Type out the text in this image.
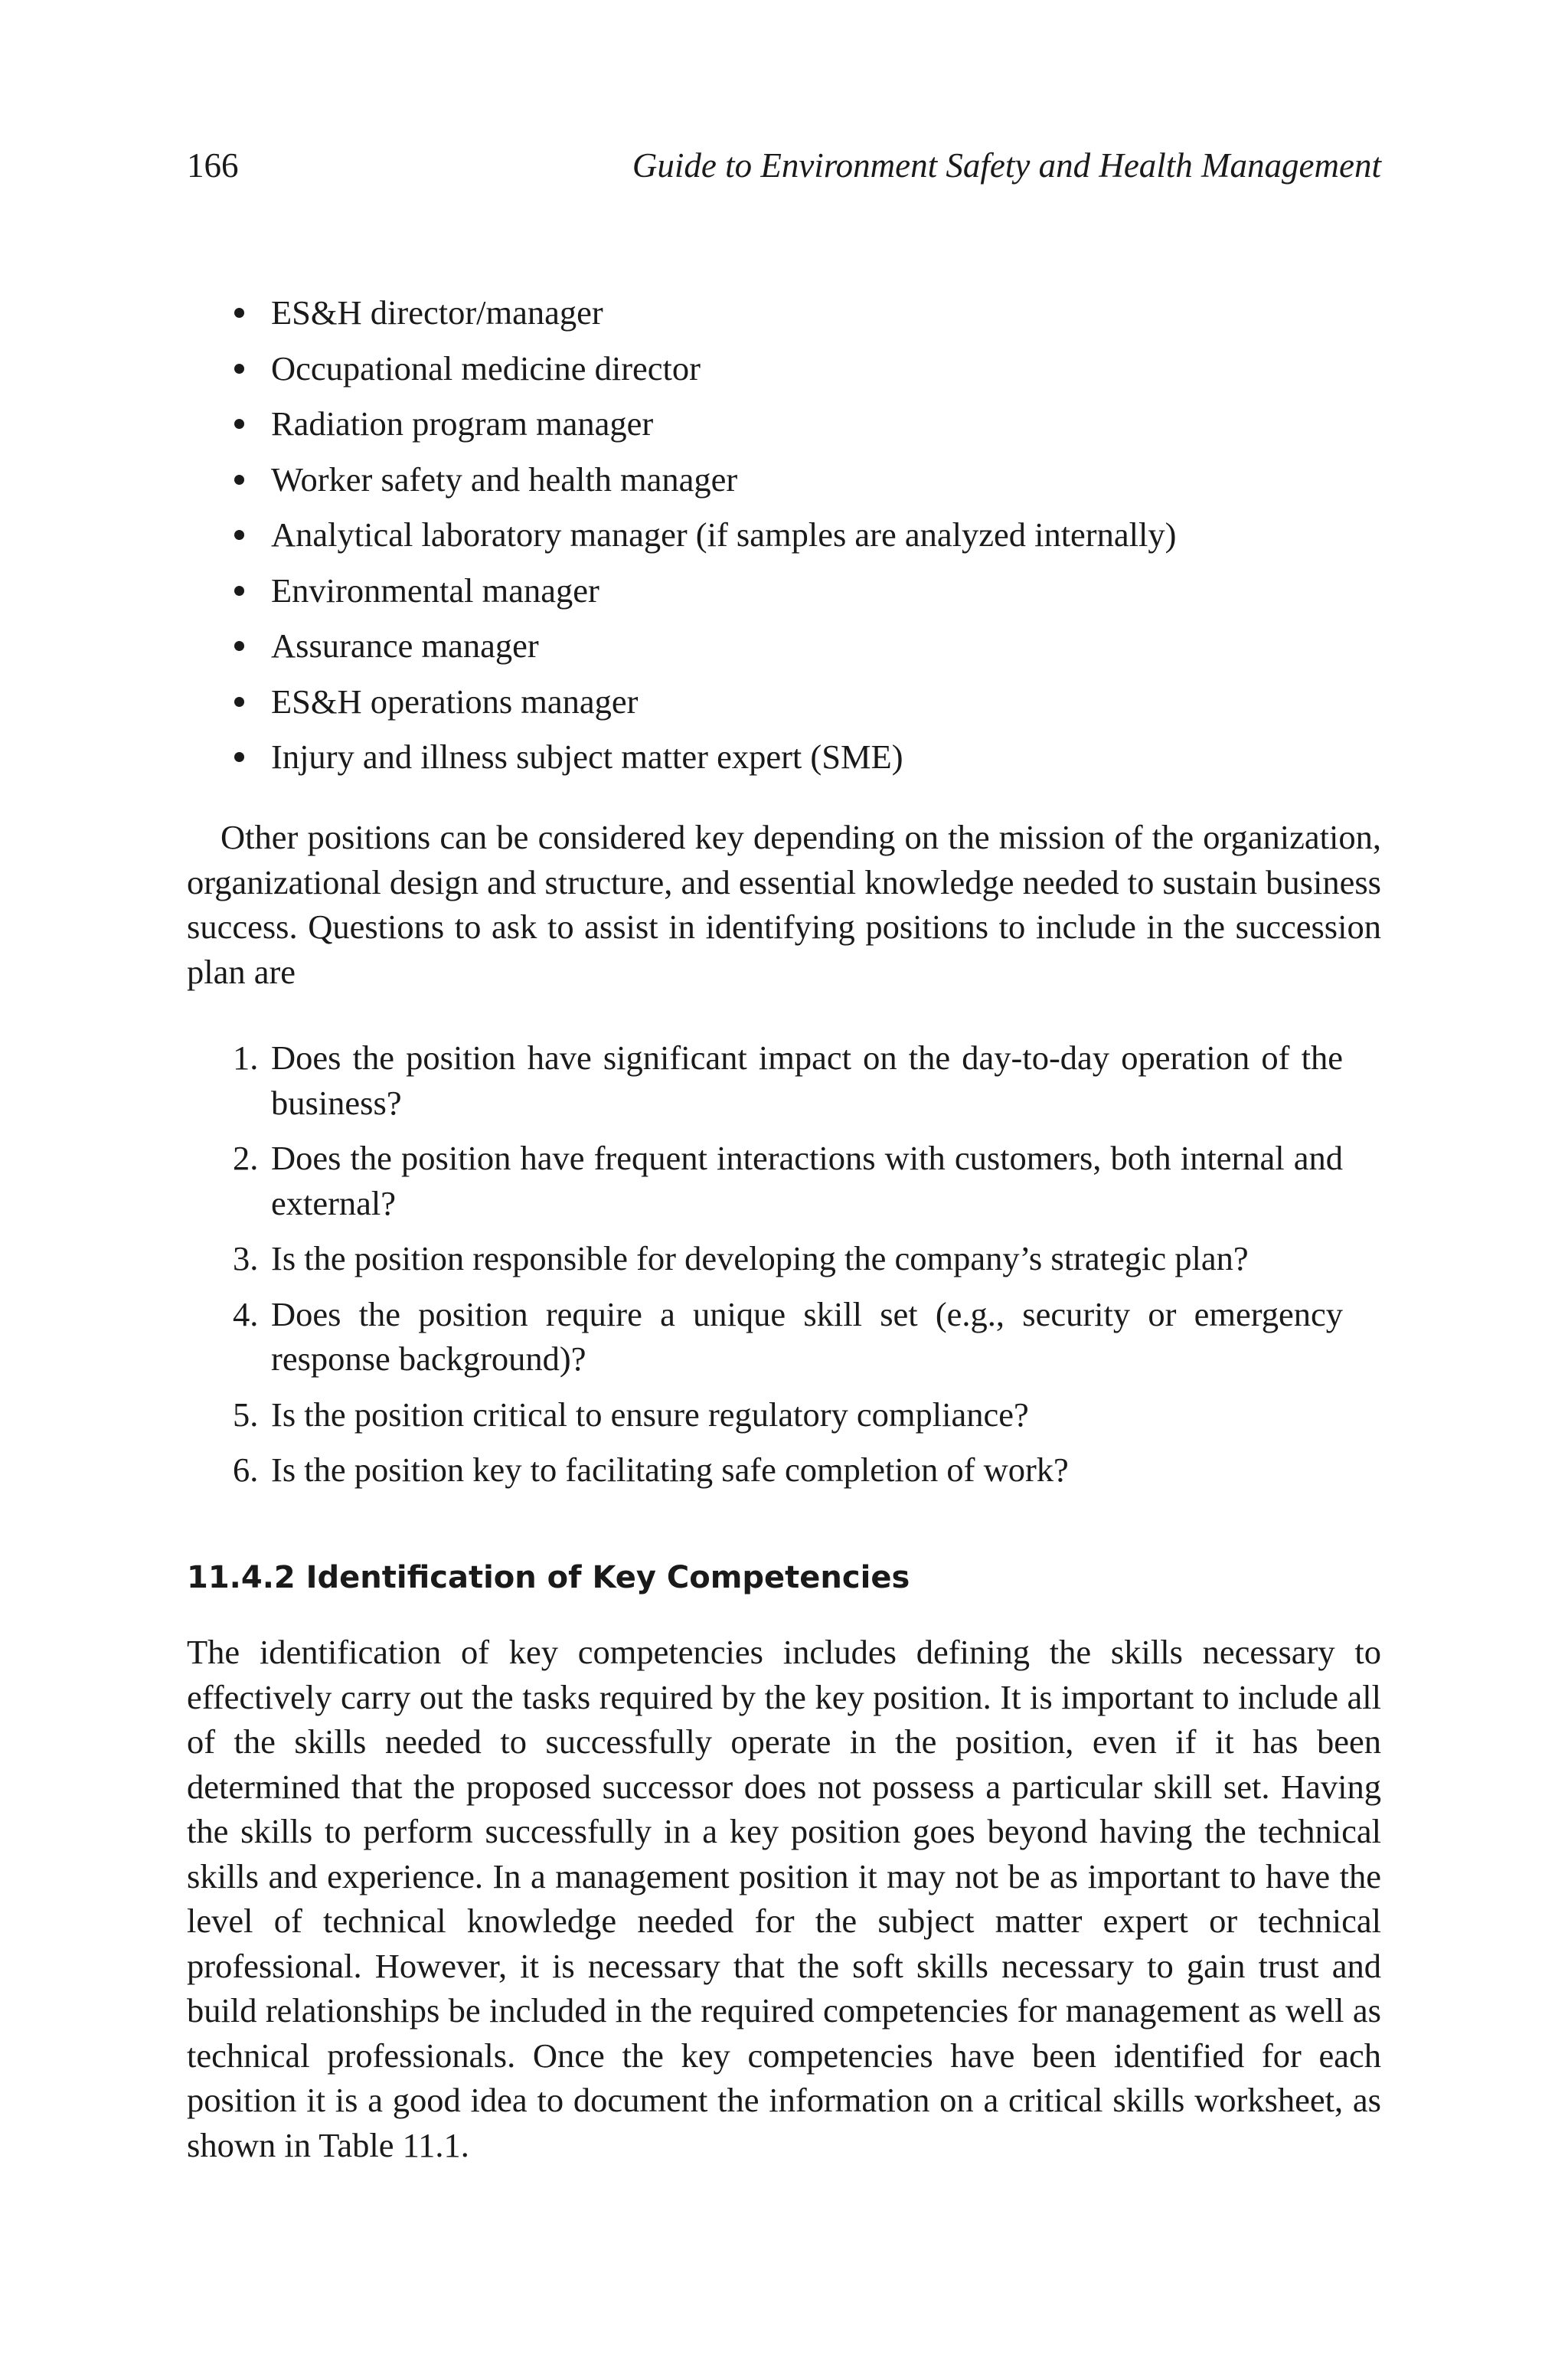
166	Guide to Environment Safety and Health Management
ES&H director/manager
Occupational medicine director
Radiation program manager
Worker safety and health manager
Analytical laboratory manager (if samples are analyzed internally)
Environmental manager
Assurance manager
ES&H operations manager
Injury and illness subject matter expert (SME)

Other positions can be considered key depending on the mission of the organization, organizational design and structure, and essential knowledge needed to sustain business success. Questions to ask to assist in identifying positions to include in the succession plan are

1. Does the position have significant impact on the day-to-day operation of the business?
2. Does the position have frequent interactions with customers, both internal and external?
3. Is the position responsible for developing the company’s strategic plan?
4. Does the position require a unique skill set (e.g., security or emergency response background)?
5. Is the position critical to ensure regulatory compliance?
6. Is the position key to facilitating safe completion of work?
11.4.2 Identification of Key Competencies

The identification of key competencies includes defining the skills necessary to effectively carry out the tasks required by the key position. It is important to include all of the skills needed to successfully operate in the position, even if it has been determined that the proposed successor does not possess a particular skill set. Having the skills to perform successfully in a key position goes beyond having the technical skills and experience. In a management position it may not be as important to have the level of technical knowledge needed for the subject matter expert or technical professional. However, it is necessary that the soft skills necessary to gain trust and build relationships be included in the required competencies for management as well as technical professionals. Once the key competencies have been identified for each position it is a good idea to document the information on a critical skills worksheet, as shown in Table 11.1.
